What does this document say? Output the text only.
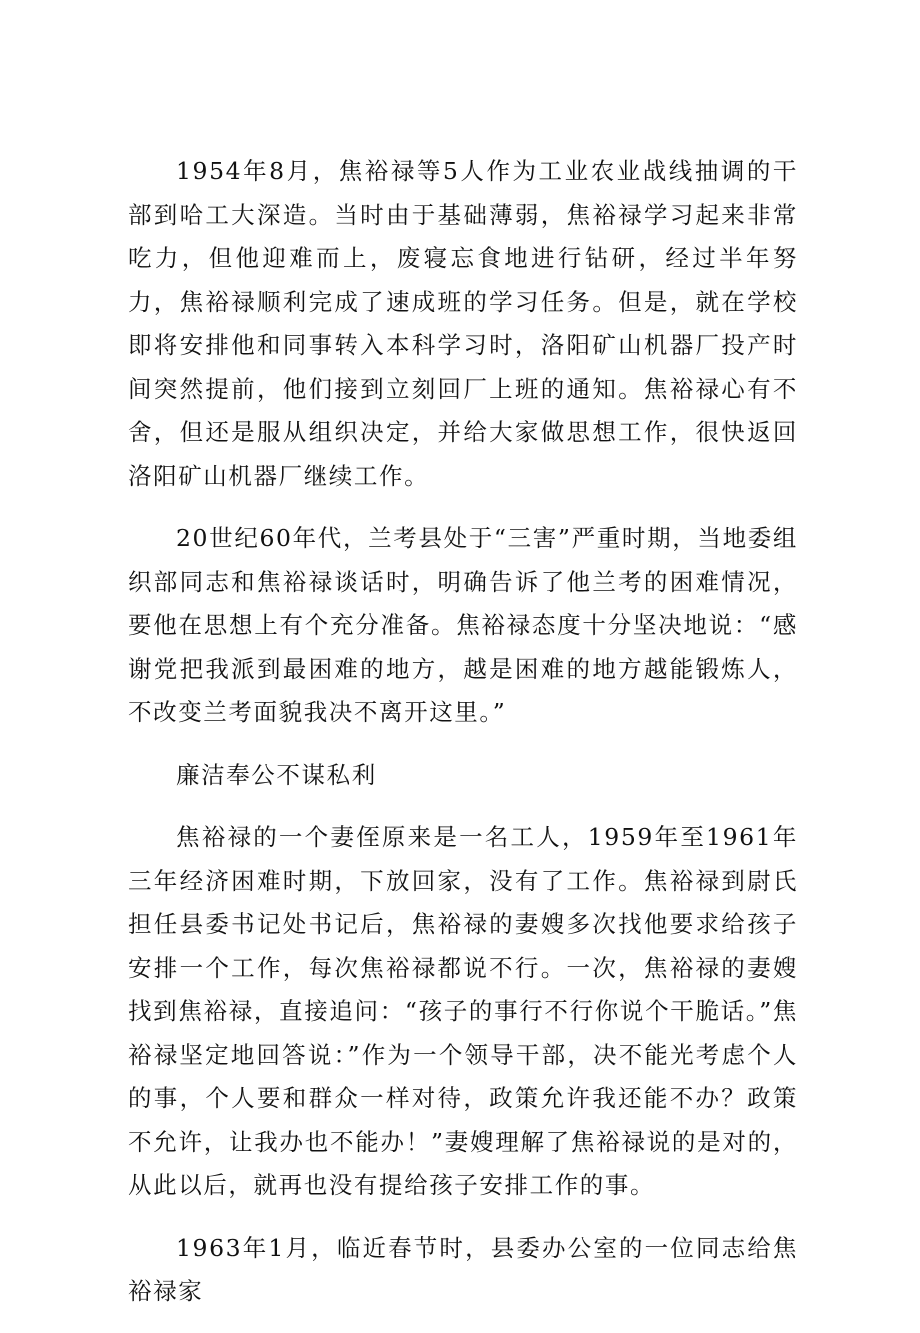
1954年8月，焦裕禄等5人作为工业农业战线抽调的干部到哈工大深造。当时由于基础薄弱，焦裕禄学习起来非常吃力，但他迎难而上，废寝忘食地进行钻研，经过半年努力，焦裕禄顺利完成了速成班的学习任务。但是，就在学校即将安排他和同事转入本科学习时，洛阳矿山机器厂投产时间突然提前，他们接到立刻回厂上班的通知。焦裕禄心有不舍，但还是服从组织决定，并给大家做思想工作，很快返回洛阳矿山机器厂继续工作。

20世纪60年代，兰考县处于“三害”严重时期，当地委组织部同志和焦裕禄谈话时，明确告诉了他兰考的困难情况，要他在思想上有个充分准备。焦裕禄态度十分坚决地说：“感谢党把我派到最困难的地方，越是困难的地方越能锻炼人，不改变兰考面貌我决不离开这里。”

廉洁奉公不谋私利

焦裕禄的一个妻侄原来是一名工人，1959年至1961年三年经济困难时期，下放回家，没有了工作。焦裕禄到尉氏担任县委书记处书记后，焦裕禄的妻嫂多次找他要求给孩子安排一个工作，每次焦裕禄都说不行。一次，焦裕禄的妻嫂找到焦裕禄，直接追问：“孩子的事行不行你说个干脆话。”焦裕禄坚定地回答说：”作为一个领导干部，决不能光考虑个人的事，个人要和群众一样对待，政策允许我还能不办？政策不允许，让我办也不能办！”妻嫂理解了焦裕禄说的是对的，从此以后，就再也没有提给孩子安排工作的事。

1963年1月，临近春节时，县委办公室的一位同志给焦裕禄家
